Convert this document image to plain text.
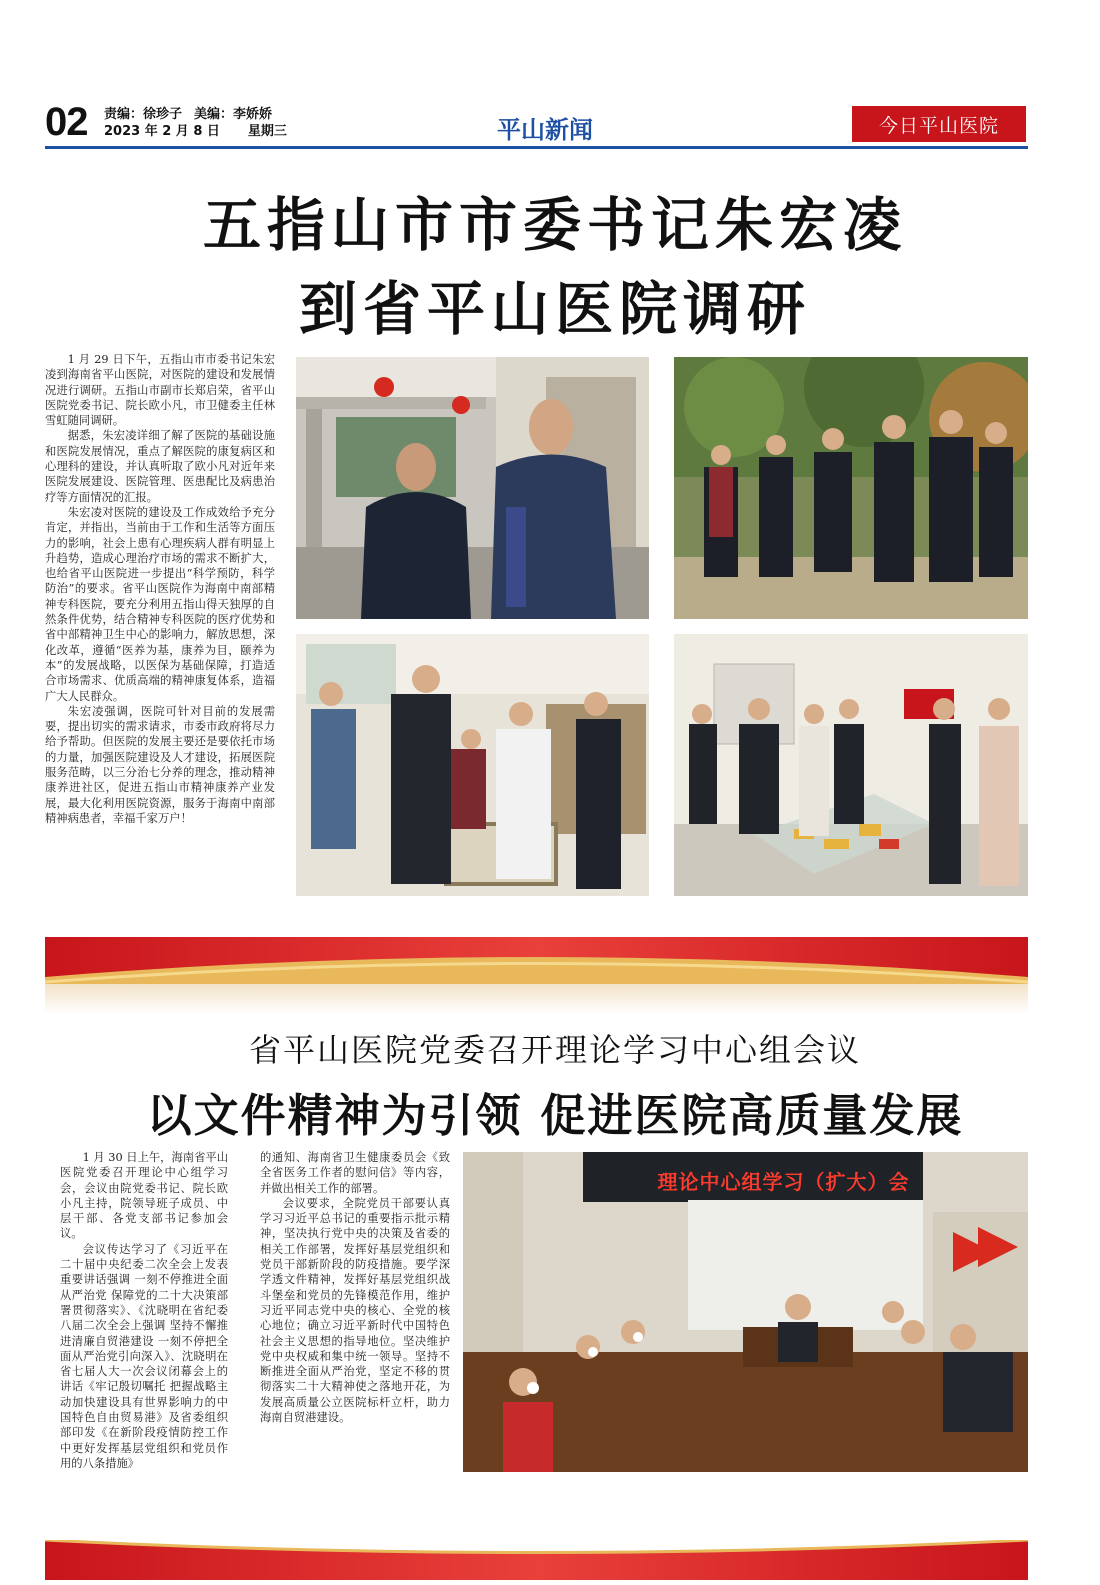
02 责编：徐珍子 美编：李娇娇
2023 年 2 月 8 日 星期三	平山新闻	今日平山医院
五指山市市委书记朱宏凌
到省平山医院调研

1 月 29 日下午，五指山市市委书记朱宏凌到海南省平山医院，对医院的建设和发展情况进行调研。五指山市副市长郑启荣，省平山医院党委书记、院长欧小凡，市卫健委主任林雪虹随同调研。

据悉，朱宏凌详细了解了医院的基础设施和医院发展情况，重点了解医院的康复病区和心理科的建设，并认真听取了欧小凡对近年来医院发展建设、医院管理、医患配比及病患治疗等方面情况的汇报。

朱宏凌对医院的建设及工作成效给予充分肯定，并指出，当前由于工作和生活等方面压力的影响，社会上患有心理疾病人群有明显上升趋势，造成心理治疗市场的需求不断扩大，也给省平山医院进一步提出“科学预防，科学防治”的要求。省平山医院作为海南中南部精神专科医院，要充分利用五指山得天独厚的自然条件优势，结合精神专科医院的医疗优势和省中部精神卫生中心的影响力，解放思想，深化改革，遵循“医养为基，康养为目，颐养为本”的发展战略，以医保为基础保障，打造适合市场需求、优质高端的精神康复体系，造福广大人民群众。

朱宏凌强调，医院可针对目前的发展需要，提出切实的需求请求，市委市政府将尽力给予帮助。但医院的发展主要还是要依托市场的力量，加强医院建设及人才建设，拓展医院服务范畴，以三分治七分养的理念，推动精神康养进社区，促进五指山市精神康养产业发展，最大化利用医院资源，服务于海南中南部精神病患者，幸福千家万户！

省平山医院党委召开理论学习中心组会议
以文件精神为引领 促进医院高质量发展

1 月 30 日上午，海南省平山医院党委召开理论中心组学习会，会议由院党委书记、院长欧小凡主持，院领导班子成员、中层干部、各党支部书记参加会议。

会议传达学习了《习近平在二十届中央纪委二次全会上发表重要讲话强调 一刻不停推进全面从严治党 保障党的二十大决策部署贯彻落实》、《沈晓明在省纪委八届二次全会上强调 坚持不懈推进清廉自贸港建设 一刻不停把全面从严治党引向深入》、沈晓明在省七届人大一次会议闭幕会上的讲话《牢记殷切嘱托 把握战略主动加快建设具有世界影响力的中国特色自由贸易港》及省委组织部印发《在新阶段疫情防控工作中更好发挥基层党组织和党员作用的八条措施》

的通知、海南省卫生健康委员会《致全省医务工作者的慰问信》等内容，并做出相关工作的部署。

会议要求，全院党员干部要认真学习习近平总书记的重要指示批示精神，坚决执行党中央的决策及省委的相关工作部署，发挥好基层党组织和党员干部新阶段的防疫措施。要学深学透文件精神，发挥好基层党组织战斗堡垒和党员的先锋模范作用，维护习近平同志党中央的核心、全党的核心地位；确立习近平新时代中国特色社会主义思想的指导地位。坚决维护党中央权威和集中统一领导。坚持不断推进全面从严治党，坚定不移的贯彻落实二十大精神使之落地开花，为发展高质量公立医院标杆立杆，助力海南自贸港建设。

理论中心组学习（扩大）会
